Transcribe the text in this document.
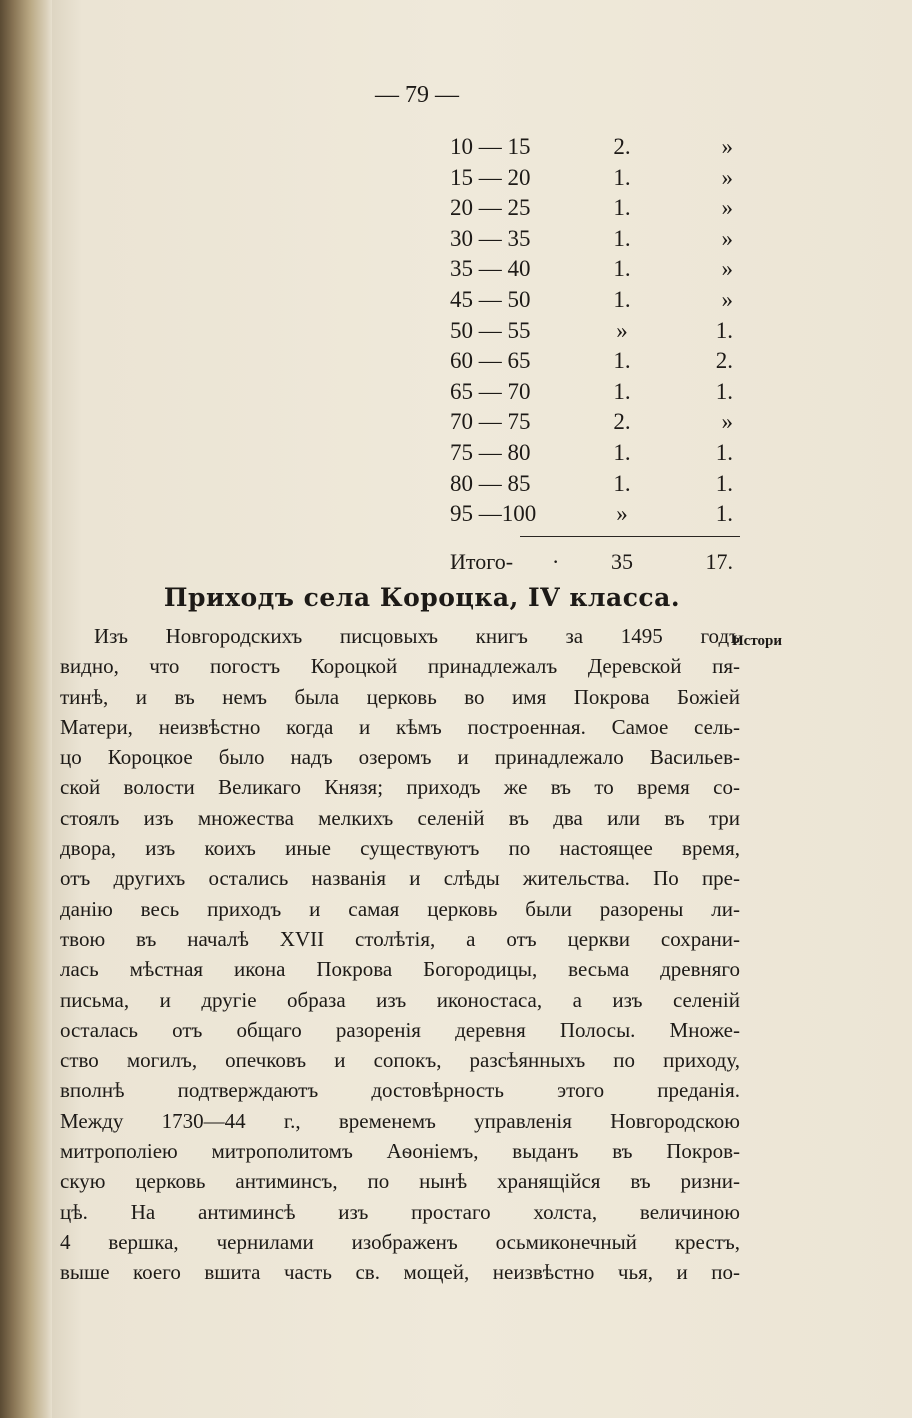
— 79 —
10 — 15	2.	»
15 — 20	1.	»
20 — 25	1.	»
30 — 35	1.	»
35 — 40	1.	»
45 — 50	1.	»
50 — 55	»	1.
60 — 65	1.	2.
65 — 70	1.	1.
70 — 75	2.	»
75 — 80	1.	1.
80 — 85	1.	1.
95 —100	»	1.
Итого- ·	35	17.
Приходъ села Короцка, IV класса.
Истори
Изъ Новгородскихъ писцовыхъ книгъ за 1495 годъ
видно, что погостъ Короцкой принадлежалъ Деревской пя-
тинѣ, и въ немъ была церковь во имя Покрова Божіей
Матери, неизвѣстно когда и кѣмъ построенная. Самое сель-
цо Короцкое было надъ озеромъ и принадлежало Васильев-
ской волости Великаго Князя; приходъ же въ то время со-
стоялъ изъ множества мелкихъ селеній въ два или въ три
двора, изъ коихъ иные существуютъ по настоящее время,
отъ другихъ остались названія и слѣды жительства. По пре-
данію весь приходъ и самая церковь были разорены ли-
твою въ началѣ XVII столѣтія, а отъ церкви сохрани-
лась мѣстная икона Покрова Богородицы, весьма древняго
письма, и другіе образа изъ иконостаса, а изъ селеній
осталась отъ общаго разоренія деревня Полосы. Множе-
ство могилъ, опечковъ и сопокъ, разсѣянныхъ по приходу,
вполнѣ подтверждаютъ достовѣрность этого преданія.
Между 1730—44 г., временемъ управленія Новгородскою
митрополіею митрополитомъ Аѳоніемъ, выданъ въ Покров-
скую церковь антиминсъ, по нынѣ хранящійся въ ризни-
цѣ. На антиминсѣ изъ простаго холста, величиною
4 вершка, чернилами изображенъ осьмиконечный крестъ,
выше коего вшита часть св. мощей, неизвѣстно чья, и по-
